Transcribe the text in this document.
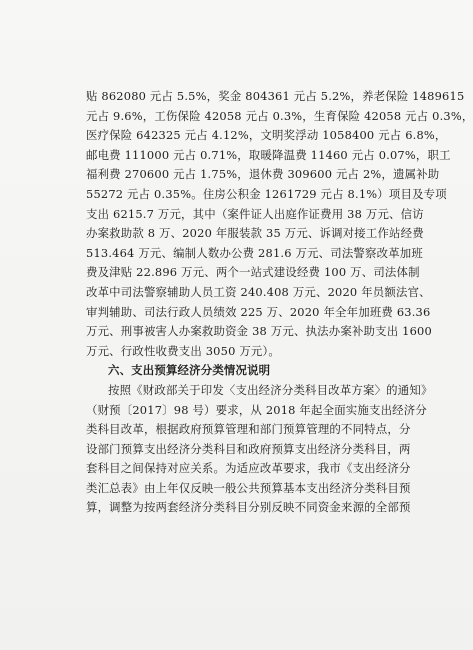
贴 862080 元占 5.5%，奖金 804361 元占 5.2%，养老保险 1489615
元占 9.6%，工伤保险 42058 元占 0.3%，生育保险 42058 元占 0.3%，
医疗保险 642325 元占 4.12%，文明奖浮动 1058400 元占 6.8%，
邮电费 111000 元占 0.71%，取暖降温费 11460 元占 0.07%，职工
福利费 270600 元占 1.75%，退休费 309600 元占 2%，遗属补助
55272 元占 0.35%。住房公积金 1261729 元占 8.1%）项目及专项
支出 6215.7 万元，其中（案件证人出庭作证费用 38 万元、信访
办案救助款 8 万、2020 年服装款 35 万元、诉调对接工作站经费
513.464 万元、编制人数办公费 281.6 万元、司法警察改革加班
费及津贴 22.896 万元、两个一站式建设经费 100 万、司法体制
改革中司法警察辅助人员工资 240.408 万元、2020 年员额法官、
审判辅助、司法行政人员绩效 225 万、2020 年全年加班费 63.36
万元、刑事被害人办案救助资金 38 万元、执法办案补助支出 1600
万元、行政性收费支出 3050 万元）。
六、支出预算经济分类情况说明
按照《财政部关于印发〈支出经济分类科目改革方案〉的通知》
（财预〔2017〕98 号）要求，从 2018 年起全面实施支出经济分
类科目改革，根据政府预算管理和部门预算管理的不同特点，分
设部门预算支出经济分类科目和政府预算支出经济分类科目，两
套科目之间保持对应关系。为适应改革要求，我市《支出经济分
类汇总表》由上年仅反映一般公共预算基本支出经济分类科目预
算，调整为按两套经济分类科目分别反映不同资金来源的全部预
